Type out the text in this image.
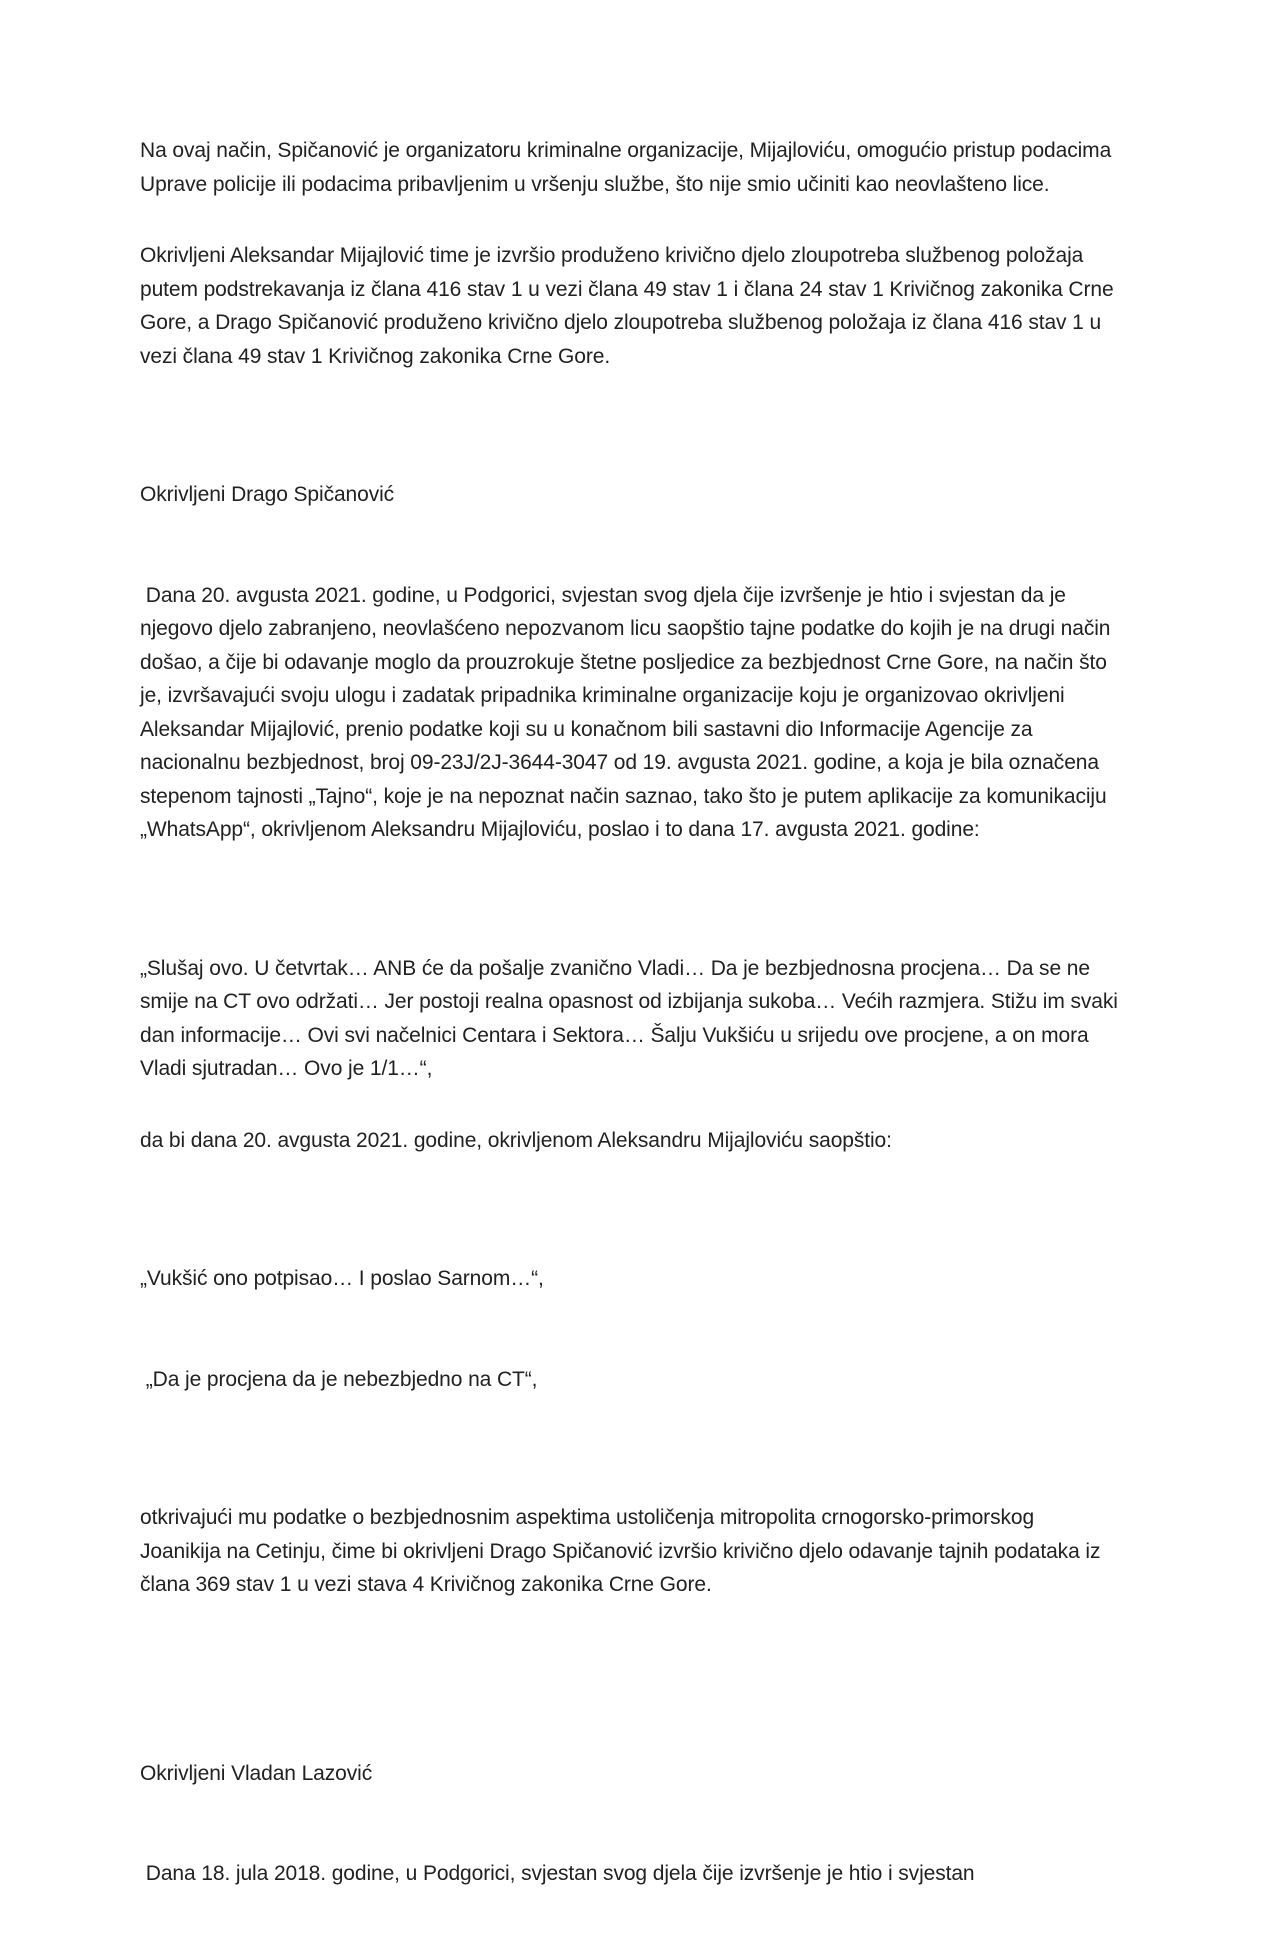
Na ovaj način, Spičanović je organizatoru kriminalne organizacije, Mijajloviću, omogućio pristup podacima Uprave policije ili podacima pribavljenim u vršenju službe, što nije smio učiniti kao neovlašteno lice.

Okrivljeni Aleksandar Mijajlović time je izvršio produženo krivično djelo zloupotreba službenog položaja putem podstrekavanja iz člana 416 stav 1 u vezi člana 49 stav 1 i člana 24 stav 1 Krivičnog zakonika Crne Gore, a Drago Spičanović produženo krivično djelo zloupotreba službenog položaja iz člana 416 stav 1 u vezi člana 49 stav 1 Krivičnog zakonika Crne Gore.

Okrivljeni Drago Spičanović

Dana 20. avgusta 2021. godine, u Podgorici, svjestan svog djela čije izvršenje je htio i svjestan da je njegovo djelo zabranjeno, neovlašćeno nepozvanom licu saopštio tajne podatke do kojih je na drugi način došao, a čije bi odavanje moglo da prouzrokuje štetne posljedice za bezbjednost Crne Gore, na način što je, izvršavajući svoju ulogu i zadatak pripadnika kriminalne organizacije koju je organizovao okrivljeni Aleksandar Mijajlović, prenio podatke koji su u konačnom bili sastavni dio Informacije Agencije za nacionalnu bezbjednost, broj 09-23J/2J-3644-3047 od 19. avgusta 2021. godine, a koja je bila označena stepenom tajnosti „Tajno“, koje je na nepoznat način saznao, tako što je putem aplikacije za komunikaciju „WhatsApp“, okrivljenom Aleksandru Mijajloviću, poslao i to dana 17. avgusta 2021. godine:

„Slušaj ovo. U četvrtak… ANB će da pošalje zvanično Vladi… Da je bezbjednosna procjena… Da se ne smije na CT ovo održati… Jer postoji realna opasnost od izbijanja sukoba… Većih razmjera. Stižu im svaki dan informacije… Ovi svi načelnici Centara i Sektora… Šalju Vukšiću u srijedu ove procjene, a on mora Vladi sjutradan… Ovo je 1/1…“,

da bi dana 20. avgusta 2021. godine, okrivljenom Aleksandru Mijajloviću saopštio:

„Vukšić ono potpisao… I poslao Sarnom…“,

„Da je procjena da je nebezbjedno na CT“,

otkrivajući mu podatke o bezbjednosnim aspektima ustoličenja mitropolita crnogorsko-primorskog Joanikija na Cetinju, čime bi okrivljeni Drago Spičanović izvršio krivično djelo odavanje tajnih podataka iz člana 369 stav 1 u vezi stava 4 Krivičnog zakonika Crne Gore.

Okrivljeni Vladan Lazović

Dana 18. jula 2018. godine, u Podgorici, svjestan svog djela čije izvršenje je htio i svjestan
